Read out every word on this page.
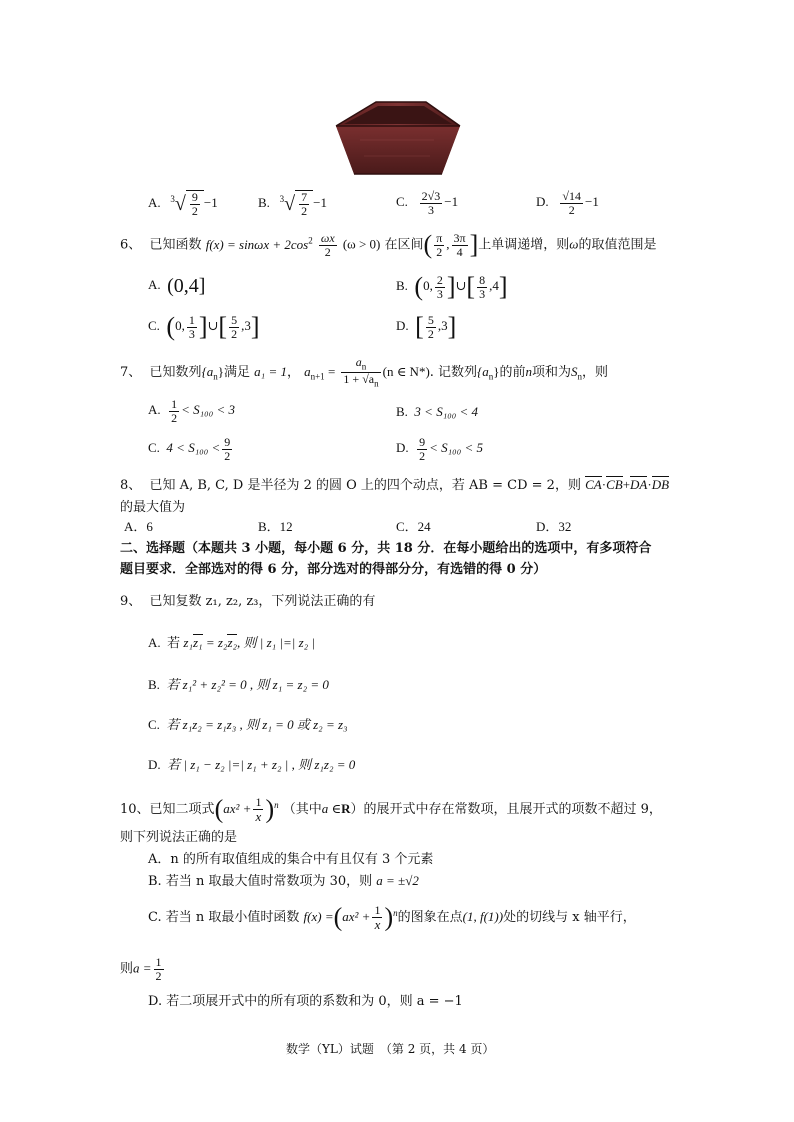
A. $^3√ \frac{9}{2} -1$	B. $^3√ \frac{7}{2} -1$	C. $\frac{2√3}{3} -1$	D. $\frac{√14}{2} -1$
6、 已知函数 $f(x) = \sin\omega x + 2\cos^2 \frac{\omega x}{2} (\omega > 0)$ 在区间( $\frac{\pi}{2}$ , $\frac{3\pi}{4}$ ]上单调递增，则ω的取值范围是
A. (0,4]	B. (0, $\frac{2}{3}$ ]∪[ $\frac{8}{3} ,4$]
C. (0, $\frac{1}{3}$ ]∪[ $\frac{5}{2} ,3$]	D. [ $\frac{5}{2} ,3$]
7、 已知数列$\{a_n\}$满足 a₁ = 1， $a_{n+1} = \frac{a_n}{1 + √a_n} (n$ ∈ N*). 记数列$\{a_n\}$的前n项和为$S_n$，则
A. $\frac{1}{2} < S_{100} < 3$	B. 3 < S₁₀₀ < 4
C. $4 < S_{100} < \frac{9}{2}$	D. $\frac{9}{2} < S_{100} < 5$
8、 已知 A, B, C, D 是半径为 2 的圆 O 上的四个动点，若 AB = CD = 2，则 CA·CB+DA·DB
的最大值为
A．6	B．12	C．24	D．32
二、选择题（本题共 3 小题，每小题 6 分，共 18 分．在每小题给出的选项中，有多项符合
题目要求．全部选对的得 6 分，部分选对的得部分分，有选错的得 0 分）
9、 已知复数 z₁, z₂, z₃，下列说法正确的有
A. 若 z₁z₁ = z₂z₂, 则 | z₁ |=| z₂ |
B. 若 z₁² + z₂² = 0 , 则 z₁ = z₂ = 0
C. 若 z₁z₂ = z₁z₃ , 则 z₁ = 0 或 z₂ = z₃
D. 若 | z₁ − z₂ |=| z₁ + z₂ | , 则 z₁z₂ = 0
10、已知二项式$(ax^2 + \frac{1}{x})^n$ （其中a ∈R）的展开式中存在常数项，且展开式的项数不超过 9，
则下列说法正确的是
A．n 的所有取值组成的集合中有且仅有 3 个元素
B. 若当 n 取最大值时常数项为 30，则 a = ±√2
C. 若当 n 取最小值时函数 $f(x) =(ax^2 + \frac{1}{x})^n$的图象在点(1, f(1))处的切线与 x 轴平行，
则$a = \frac{1}{2}$
D. 若二项展开式中的所有项的系数和为 0，则 a = −1
数学（YL）试题　（第 2 页，共 4 页）
